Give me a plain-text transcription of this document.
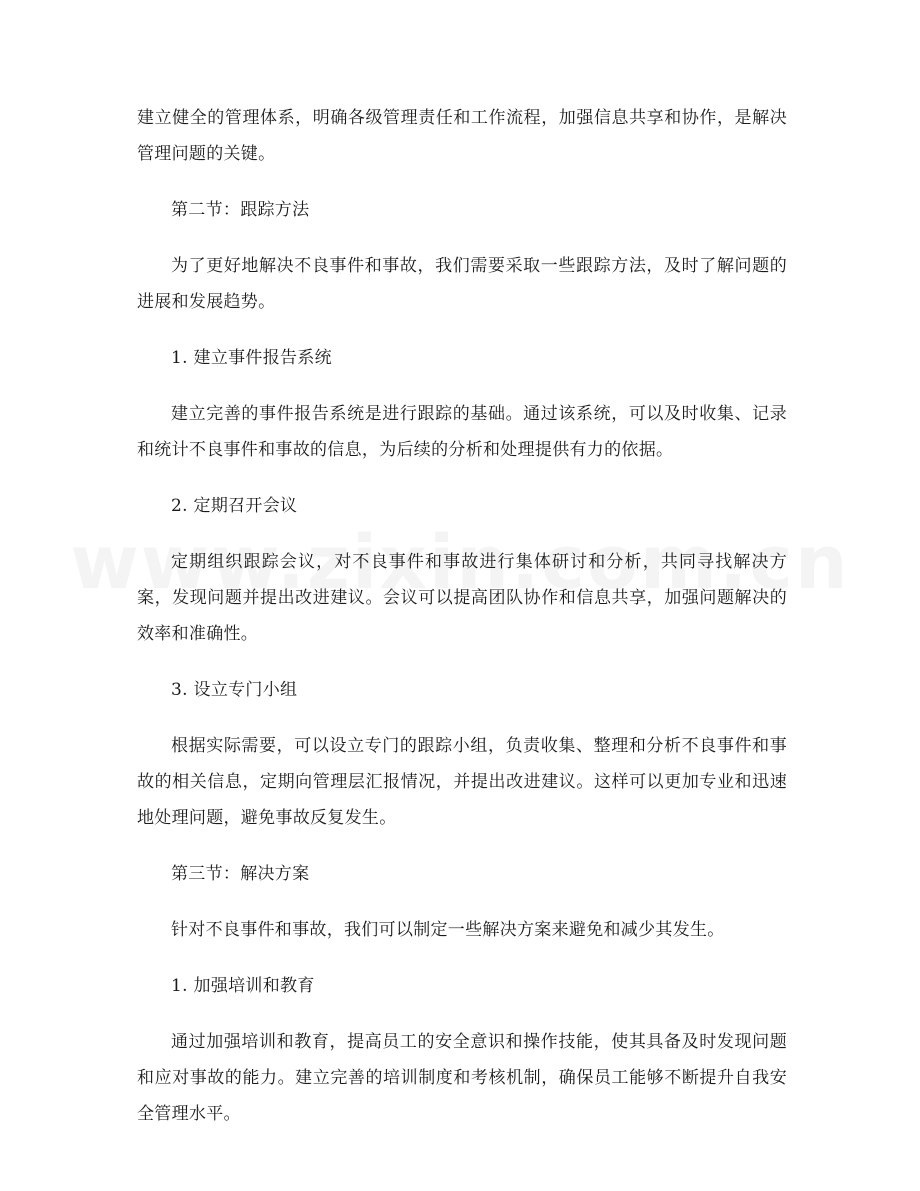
建立健全的管理体系，明确各级管理责任和工作流程，加强信息共享和协作，是解决管理问题的关键。

第二节：跟踪方法

为了更好地解决不良事件和事故，我们需要采取一些跟踪方法，及时了解问题的进展和发展趋势。

1. 建立事件报告系统

建立完善的事件报告系统是进行跟踪的基础。通过该系统，可以及时收集、记录和统计不良事件和事故的信息，为后续的分析和处理提供有力的依据。

2. 定期召开会议

定期组织跟踪会议，对不良事件和事故进行集体研讨和分析，共同寻找解决方案，发现问题并提出改进建议。会议可以提高团队协作和信息共享，加强问题解决的效率和准确性。

3. 设立专门小组

根据实际需要，可以设立专门的跟踪小组，负责收集、整理和分析不良事件和事故的相关信息，定期向管理层汇报情况，并提出改进建议。这样可以更加专业和迅速地处理问题，避免事故反复发生。

第三节：解决方案

针对不良事件和事故，我们可以制定一些解决方案来避免和减少其发生。

1. 加强培训和教育

通过加强培训和教育，提高员工的安全意识和操作技能，使其具备及时发现问题和应对事故的能力。建立完善的培训制度和考核机制，确保员工能够不断提升自我安全管理水平。
